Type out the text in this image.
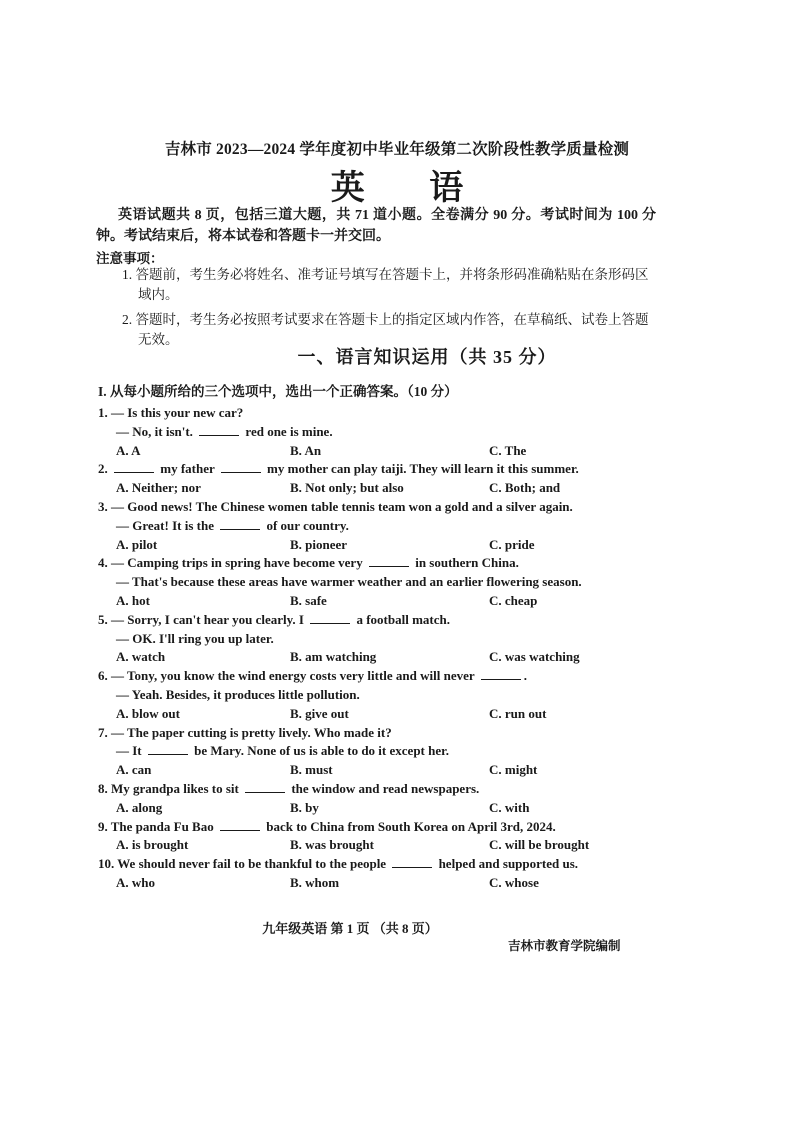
吉林市 2023—2024 学年度初中毕业年级第二次阶段性教学质量检测
英 语
英语试题共 8 页，包括三道大题，共 71 道小题。全卷满分 90 分。考试时间为 100 分钟。考试结束后，将本试卷和答题卡一并交回。
注意事项：
1. 答题前，考生务必将姓名、准考证号填写在答题卡上，并将条形码准确粘贴在条形码区域内。
2. 答题时，考生务必按照考试要求在答题卡上的指定区域内作答，在草稿纸、试卷上答题无效。
一、语言知识运用（共 35 分）
I. 从每小题所给的三个选项中，选出一个正确答案。（10 分）
1. — Is this your new car?
— No, it isn't.	red one is mine.
A. A	B. An	C. The
2.	my father	my mother can play taiji. They will learn it this summer.
A. Neither; nor	B. Not only; but also	C. Both; and
3. — Good news! The Chinese women table tennis team won a gold and a silver again.
— Great! It is the	of our country.
A. pilot	B. pioneer	C. pride
4. — Camping trips in spring have become very	in southern China.
— That's because these areas have warmer weather and an earlier flowering season.
A. hot	B. safe	C. cheap
5. — Sorry, I can't hear you clearly. I	a football match.
— OK. I'll ring you up later.
A. watch	B. am watching	C. was watching
6. — Tony, you know the wind energy costs very little and will never	.
— Yeah. Besides, it produces little pollution.
A. blow out	B. give out	C. run out
7. — The paper cutting is pretty lively. Who made it?
— It	be Mary. None of us is able to do it except her.
A. can	B. must	C. might
8. My grandpa likes to sit	the window and read newspapers.
A. along	B. by	C. with
9. The panda Fu Bao	back to China from South Korea on April 3rd, 2024.
A. is brought	B. was brought	C. will be brought
10. We should never fail to be thankful to the people	helped and supported us.
A. who	B. whom	C. whose
九年级英语 第 1 页 （共 8 页）
吉林市教育学院编制
